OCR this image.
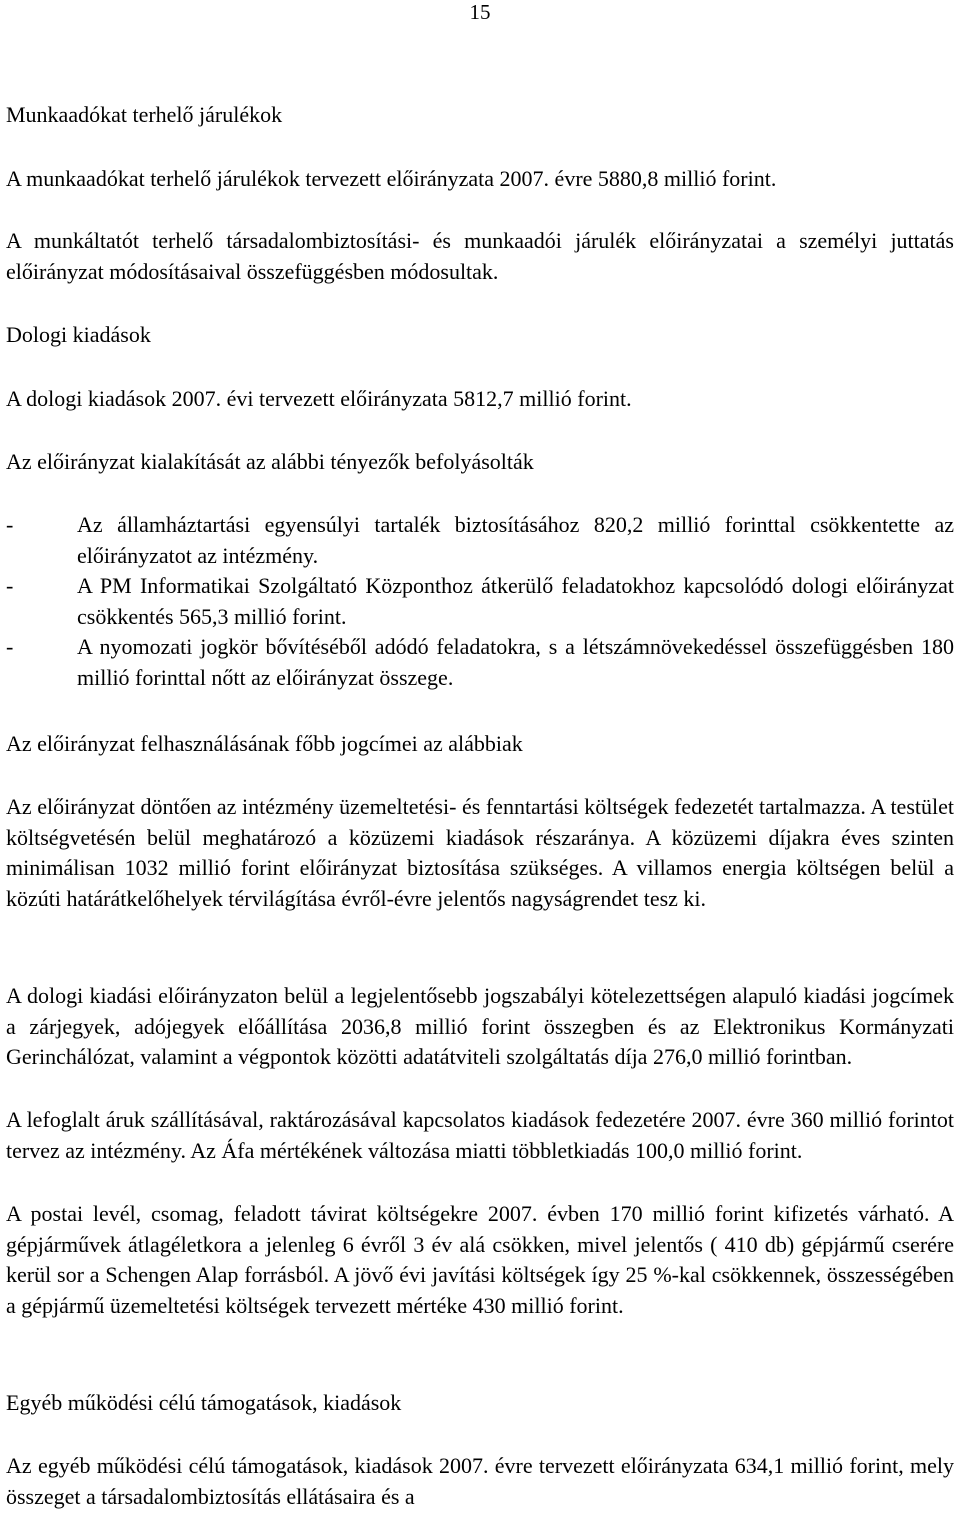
15

Munkaadókat terhelő járulékok

A munkaadókat terhelő járulékok tervezett előirányzata 2007. évre 5880,8 millió forint.

A munkáltatót terhelő társadalombiztosítási- és munkaadói járulék előirányzatai a személyi juttatás előirányzat módosításaival összefüggésben módosultak.

Dologi kiadások

A dologi kiadások 2007. évi tervezett előirányzata 5812,7 millió forint.

Az előirányzat kialakítását az alábbi tényezők befolyásolták

-	Az államháztartási egyensúlyi tartalék biztosításához 820,2 millió forinttal csökkentette az előirányzatot az intézmény.
-	A PM Informatikai Szolgáltató Központhoz átkerülő feladatokhoz kapcsolódó dologi előirányzat csökkentés 565,3 millió forint.
-	A nyomozati jogkör bővítéséből adódó feladatokra, s a létszámnövekedéssel összefüggésben 180 millió forinttal nőtt az előirányzat összege.

Az előirányzat felhasználásának főbb jogcímei az alábbiak

Az előirányzat döntően az intézmény üzemeltetési- és fenntartási költségek fedezetét tartalmazza. A testület költségvetésén belül meghatározó a közüzemi kiadások részaránya. A közüzemi díjakra éves szinten minimálisan 1032 millió forint előirányzat biztosítása szükséges. A villamos energia költségen belül a közúti határátkelőhelyek térvilágítása évről-évre jelentős nagyságrendet tesz ki.

A dologi kiadási előirányzaton belül a legjelentősebb jogszabályi kötelezettségen alapuló kiadási jogcímek a zárjegyek, adójegyek előállítása 2036,8 millió forint összegben és az Elektronikus Kormányzati Gerinchálózat, valamint a végpontok közötti adatátviteli szolgáltatás díja 276,0 millió forintban.

A lefoglalt áruk szállításával, raktározásával kapcsolatos kiadások fedezetére 2007. évre 360 millió forintot tervez az intézmény. Az Áfa mértékének változása miatti többletkiadás 100,0 millió forint.

A postai levél, csomag, feladott távirat költségekre 2007. évben 170 millió forint kifizetés várható. A gépjárművek átlagéletkora a jelenleg 6 évről 3 év alá csökken, mivel jelentős ( 410 db) gépjármű cserére kerül sor a Schengen Alap forrásból. A jövő évi javítási költségek így 25 %-kal csökkennek, összességében a gépjármű üzemeltetési költségek tervezett mértéke 430 millió forint.

Egyéb működési célú támogatások, kiadások

Az egyéb működési célú támogatások, kiadások 2007. évre tervezett előirányzata 634,1 millió forint, mely összeget a társadalombiztosítás ellátásaira és a
